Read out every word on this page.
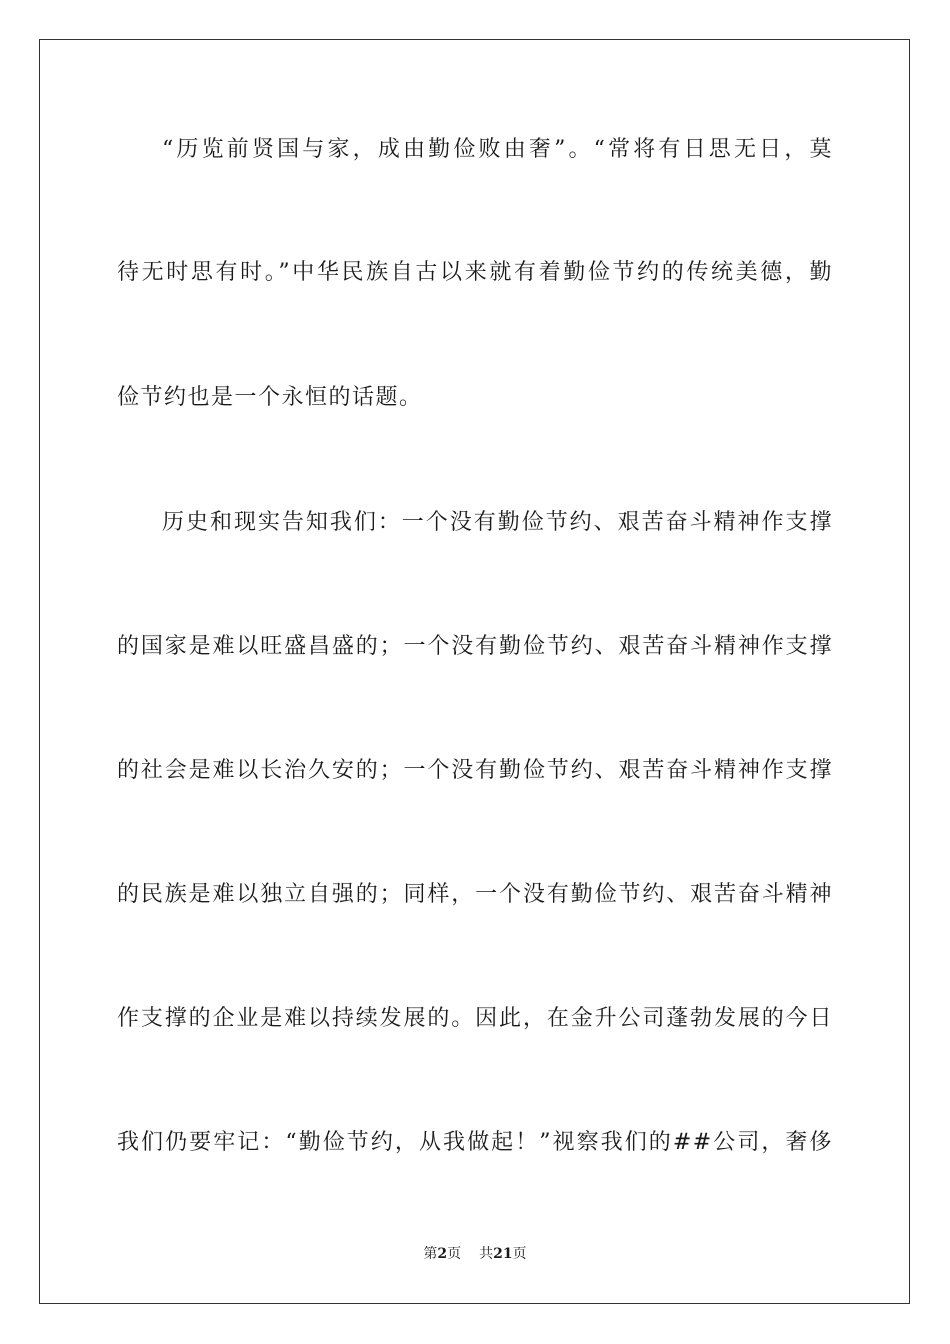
“历览前贤国与家，成由勤俭败由奢”。“常将有日思无日，莫
待无时思有时。”中华民族自古以来就有着勤俭节约的传统美德，勤
俭节约也是一个永恒的话题。
历史和现实告知我们：一个没有勤俭节约、艰苦奋斗精神作支撑
的国家是难以旺盛昌盛的；一个没有勤俭节约、艰苦奋斗精神作支撑
的社会是难以长治久安的；一个没有勤俭节约、艰苦奋斗精神作支撑
的民族是难以独立自强的；同样，一个没有勤俭节约、艰苦奋斗精神
作支撑的企业是难以持续发展的。因此，在金升公司蓬勃发展的今日
我们仍要牢记：“勤俭节约，从我做起！”视察我们的##公司，奢侈
第2页 共21页
